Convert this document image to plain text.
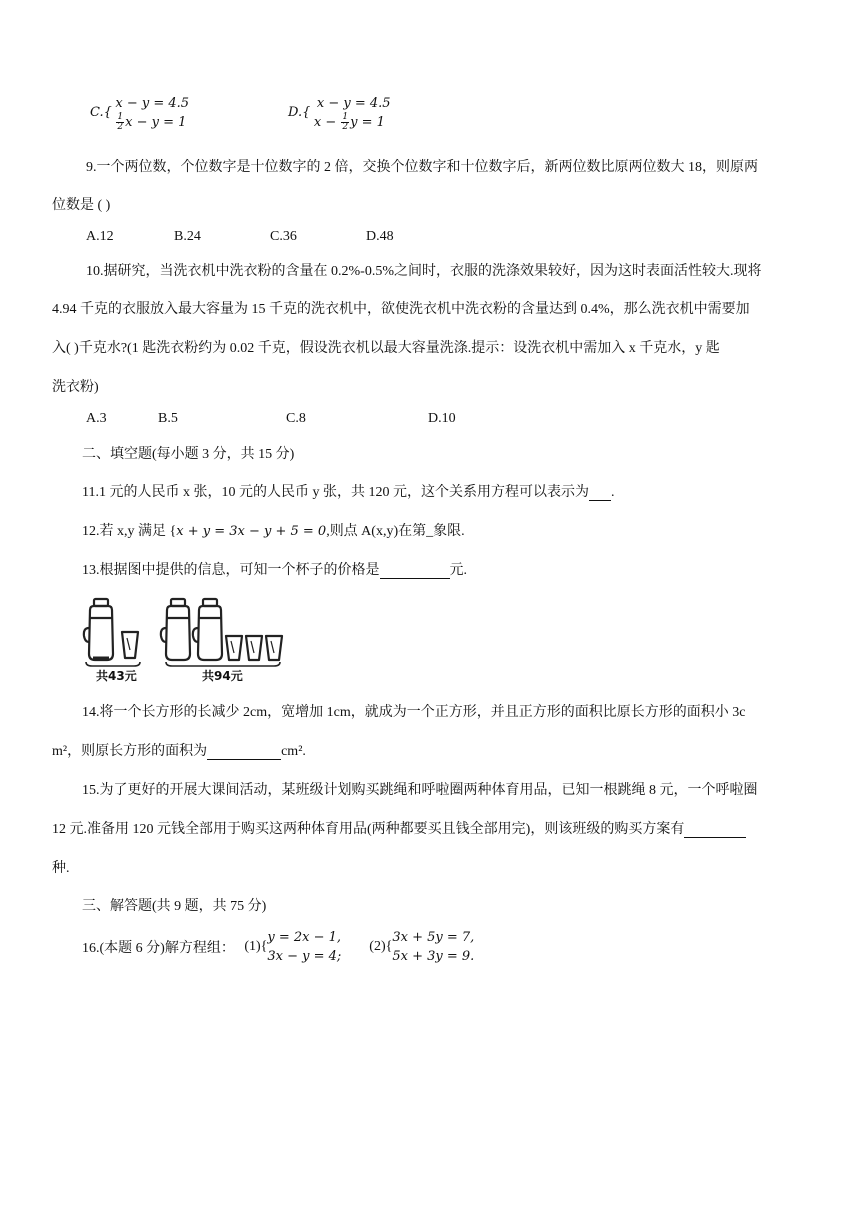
C.{
x − y = 4.5
$\frac{1}{2}$ x − y = 1
D.{
x − y = 4.5
$x - \frac{1}{2}$ y = 1
9.一个两位数，个位数字是十位数字的 2 倍，交换个位数字和十位数字后，新两位数比原两位数大 18，则原两
位数是 ( )
A.12	B.24	C.36	D.48
10.据研究，当洗衣机中洗衣粉的含量在 0.2%-0.5%之间时，衣服的洗涤效果较好，因为这时表面活性较大.现将
4.94 千克的衣服放入最大容量为 15 千克的洗衣机中，欲使洗衣机中洗衣粉的含量达到 0.4%，那么洗衣机中需要加
入( )千克水?(1 匙洗衣粉约为 0.02 千克，假设洗衣机以最大容量洗涤.提示：设洗衣机中需加入 x 千克水，y 匙
洗衣粉)
A.3	B.5	C.8	D.10
二、填空题(每小题 3 分，共 15 分)
11.1 元的人民币 x 张，10 元的人民币 y 张，共 120 元，这个关系用方程可以表示为 .
12.若 x,y 满足 {x + y = 3x − y + 5 = 0,则点 A(x,y)在第_象限.
13.根据图中提供的信息，可知一个杯子的价格是	元.
共43元	共94元
14.将一个长方形的长减少 2cm，宽增加 1cm，就成为一个正方形，并且正方形的面积比原长方形的面积小 3c
m²，则原长方形的面积为	cm².
15.为了更好的开展大课间活动，某班级计划购买跳绳和呼啦圈两种体育用品，已知一根跳绳 8 元，一个呼啦圈
12 元.准备用 120 元钱全部用于购买这两种体育用品(两种都要买且钱全部用完)，则该班级的购买方案有
种.
三、解答题(共 9 题，共 75 分)
16.(本题 6 分)解方程组： (1){
y = 2x − 1,
3x − y = 4;
(2){
3x + 5y = 7,
5x + 3y = 9.
